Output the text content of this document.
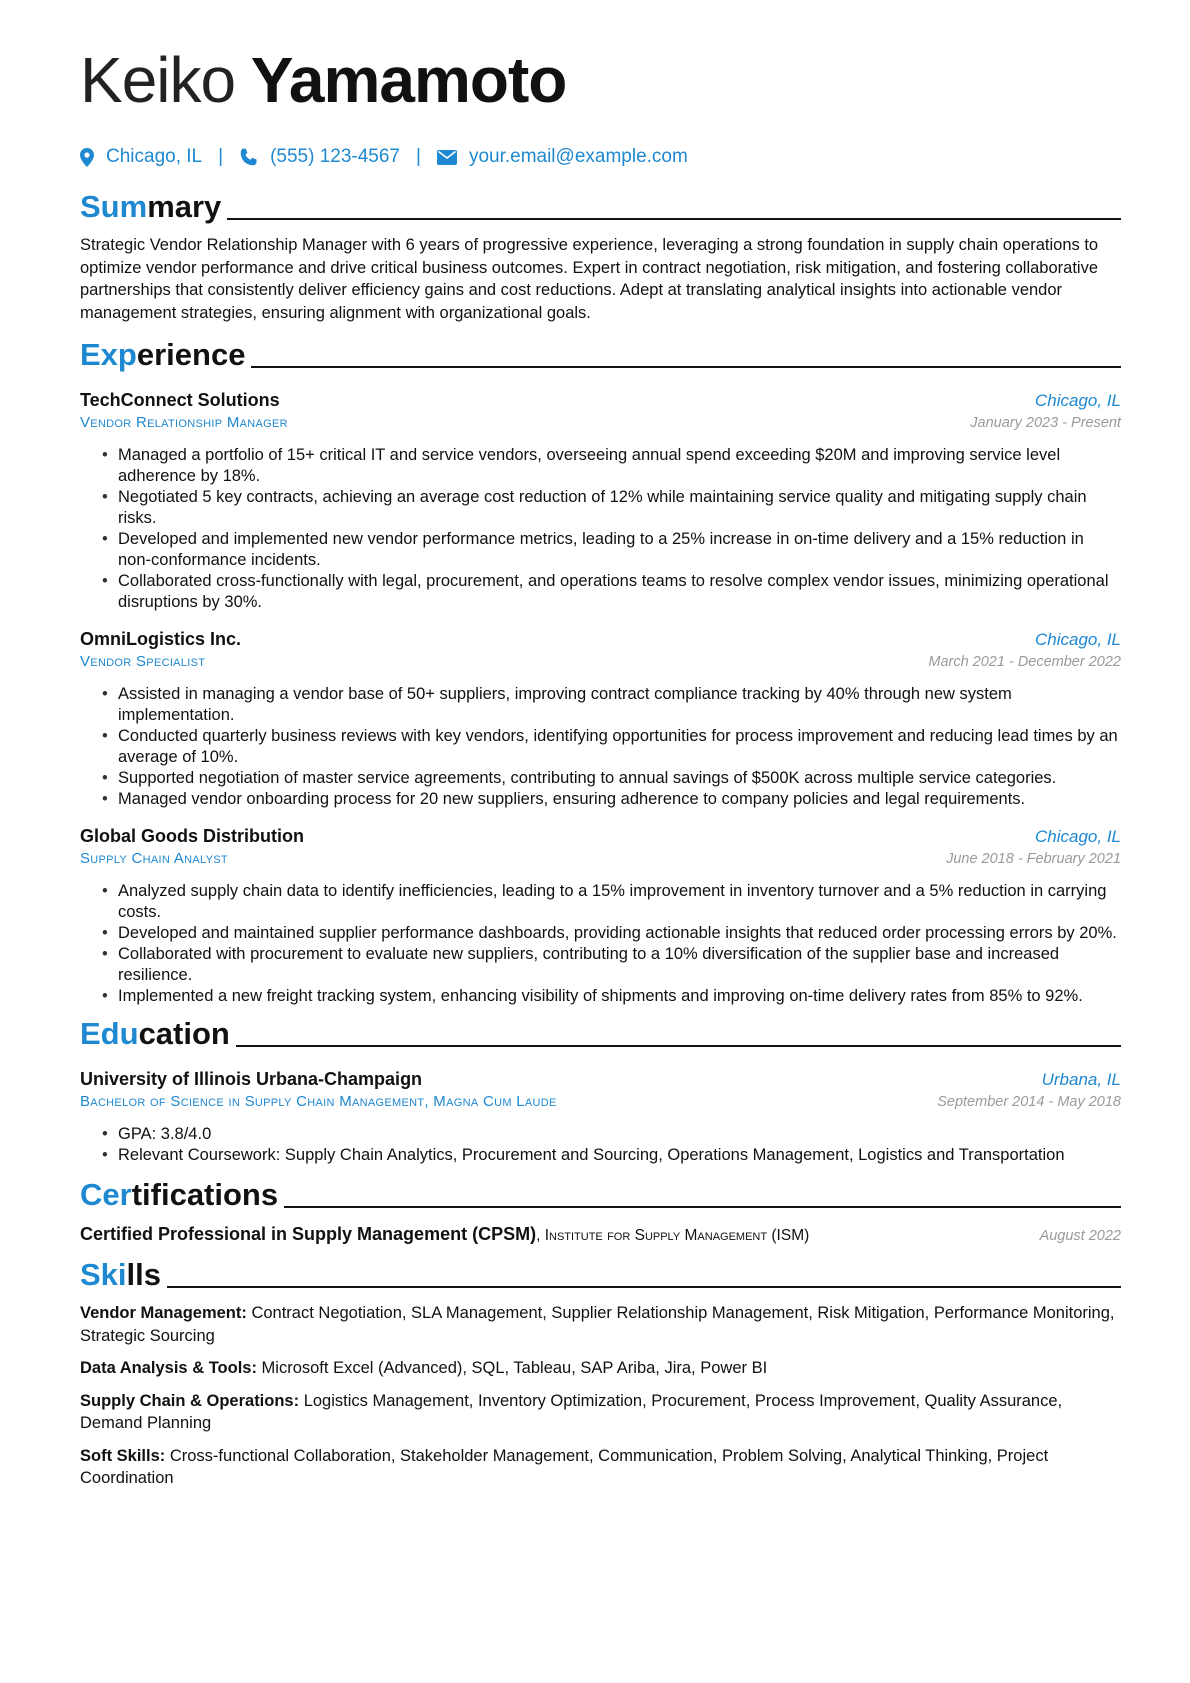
Keiko Yamamoto
Chicago, IL | (555) 123-4567 |	your.email@example.com
Summary

Strategic Vendor Relationship Manager with 6 years of progressive experience, leveraging a strong foundation in supply chain operations to optimize vendor performance and drive critical business outcomes. Expert in contract negotiation, risk mitigation, and fostering collaborative partnerships that consistently deliver efficiency gains and cost reductions. Adept at translating analytical insights into actionable vendor management strategies, ensuring alignment with organizational goals.

Experience
TechConnect Solutions	Chicago, IL
Vendor Relationship Manager	January 2023 - Present
• Managed a portfolio of 15+ critical IT and service vendors, overseeing annual spend exceeding $20M and improving service level adherence by 18%.
• Negotiated 5 key contracts, achieving an average cost reduction of 12% while maintaining service quality and mitigating supply chain risks.
• Developed and implemented new vendor performance metrics, leading to a 25% increase in on-time delivery and a 15% reduction in non-conformance incidents.
• Collaborated cross-functionally with legal, procurement, and operations teams to resolve complex vendor issues, minimizing operational disruptions by 30%.
OmniLogistics Inc.	Chicago, IL
Vendor Specialist	March 2021 - December 2022
• Assisted in managing a vendor base of 50+ suppliers, improving contract compliance tracking by 40% through new system implementation.
• Conducted quarterly business reviews with key vendors, identifying opportunities for process improvement and reducing lead times by an average of 10%.
• Supported negotiation of master service agreements, contributing to annual savings of $500K across multiple service categories.
• Managed vendor onboarding process for 20 new suppliers, ensuring adherence to company policies and legal requirements.
Global Goods Distribution	Chicago, IL
Supply Chain Analyst	June 2018 - February 2021
• Analyzed supply chain data to identify inefficiencies, leading to a 15% improvement in inventory turnover and a 5% reduction in carrying costs.
• Developed and maintained supplier performance dashboards, providing actionable insights that reduced order processing errors by 20%.
• Collaborated with procurement to evaluate new suppliers, contributing to a 10% diversification of the supplier base and increased resilience.
• Implemented a new freight tracking system, enhancing visibility of shipments and improving on-time delivery rates from 85% to 92%.
Education
University of Illinois Urbana-Champaign	Urbana, IL
Bachelor of Science in Supply Chain Management, Magna Cum Laude	September 2014 - May 2018
• GPA: 3.8/4.0
• Relevant Coursework: Supply Chain Analytics, Procurement and Sourcing, Operations Management, Logistics and Transportation
Certifications
Certified Professional in Supply Management (CPSM), Institute for Supply Management (ISM)	August 2022
Skills
Vendor Management: Contract Negotiation, SLA Management, Supplier Relationship Management, Risk Mitigation, Performance Monitoring, Strategic Sourcing
Data Analysis & Tools: Microsoft Excel (Advanced), SQL, Tableau, SAP Ariba, Jira, Power BI
Supply Chain & Operations: Logistics Management, Inventory Optimization, Procurement, Process Improvement, Quality Assurance, Demand Planning
Soft Skills: Cross-functional Collaboration, Stakeholder Management, Communication, Problem Solving, Analytical Thinking, Project Coordination
